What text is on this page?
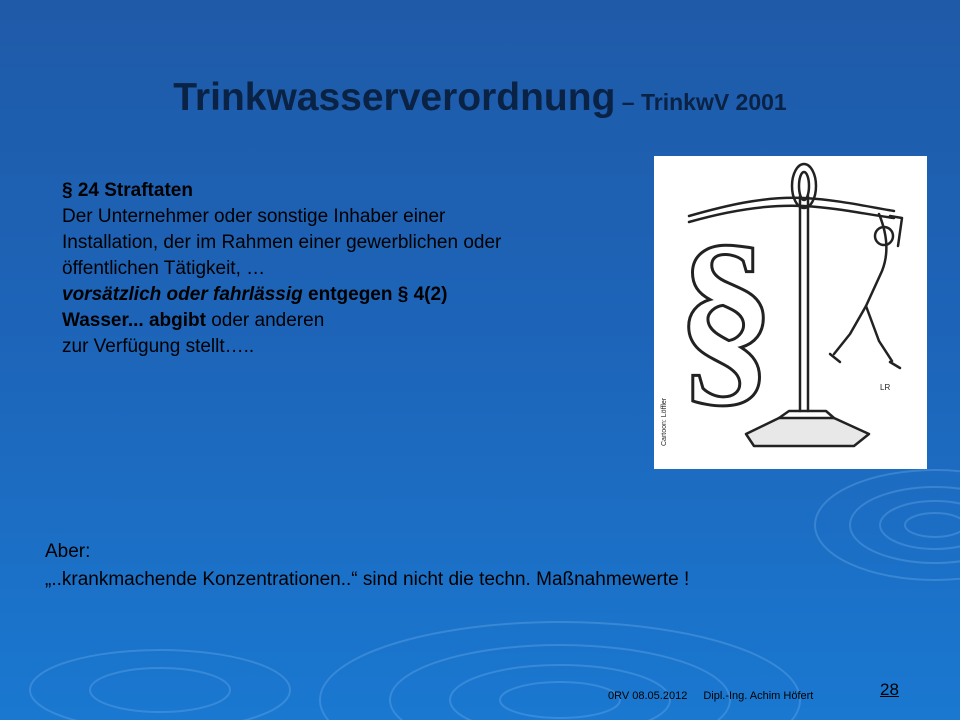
Trinkwasserverordnung – TrinkwV 2001
§ 24 Straftaten
Der Unternehmer oder sonstige Inhaber einer
Installation, der im Rahmen einer gewerblichen oder
öffentlichen Tätigkeit, …
vorsätzlich oder fahrlässig entgegen § 4(2)
Wasser... abgibt oder anderen
zur Verfügung stellt…..
LR
§
Cartoon: Löffler
Aber:
„..krankmachende Konzentrationen..“ sind nicht die techn. Maßnahmewerte !
0RV 08.05.2012 Dipl.-Ing. Achim Höfert	28
